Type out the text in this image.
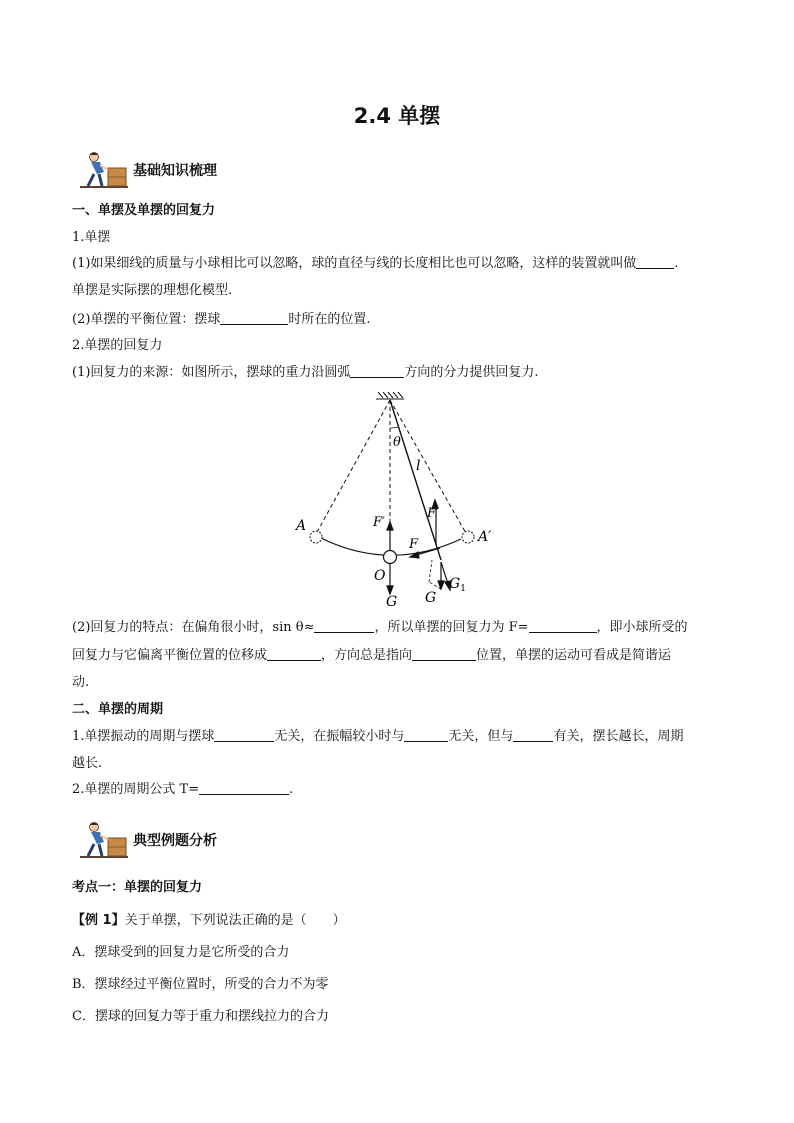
2.4 单摆
基础知识梳理
一、单摆及单摆的回复力
1.单摆
(1)如果细线的质量与小球相比可以忽略，球的直径与线的长度相比也可以忽略，这样的装置就叫做	.
单摆是实际摆的理想化模型.
(2)单摆的平衡位置：摆球	时所在的位置.
2.单摆的回复力
(1)回复力的来源：如图所示，摆球的重力沿圆弧	方向的分力提供回复力.
θ
l
F′
F′
F
A
A′
O
G G
$G_1$
(2)回复力的特点：在偏角很小时，sin θ≈	，所以单摆的回复力为 F=	，即小球所受的
回复力与它偏离平衡位置的位移成	，方向总是指向	位置，单摆的运动可看成是简谐运
动.
二、单摆的周期
1.单摆振动的周期与摆球	无关，在振幅较小时与	无关，但与	有关，摆长越长，周期
越长.
2.单摆的周期公式 T=	.
典型例题分析
考点一：单摆的回复力
【例 1】关于单摆，下列说法正确的是（　　）
A．摆球受到的回复力是它所受的合力
B．摆球经过平衡位置时，所受的合力不为零
C．摆球的回复力等于重力和摆线拉力的合力
